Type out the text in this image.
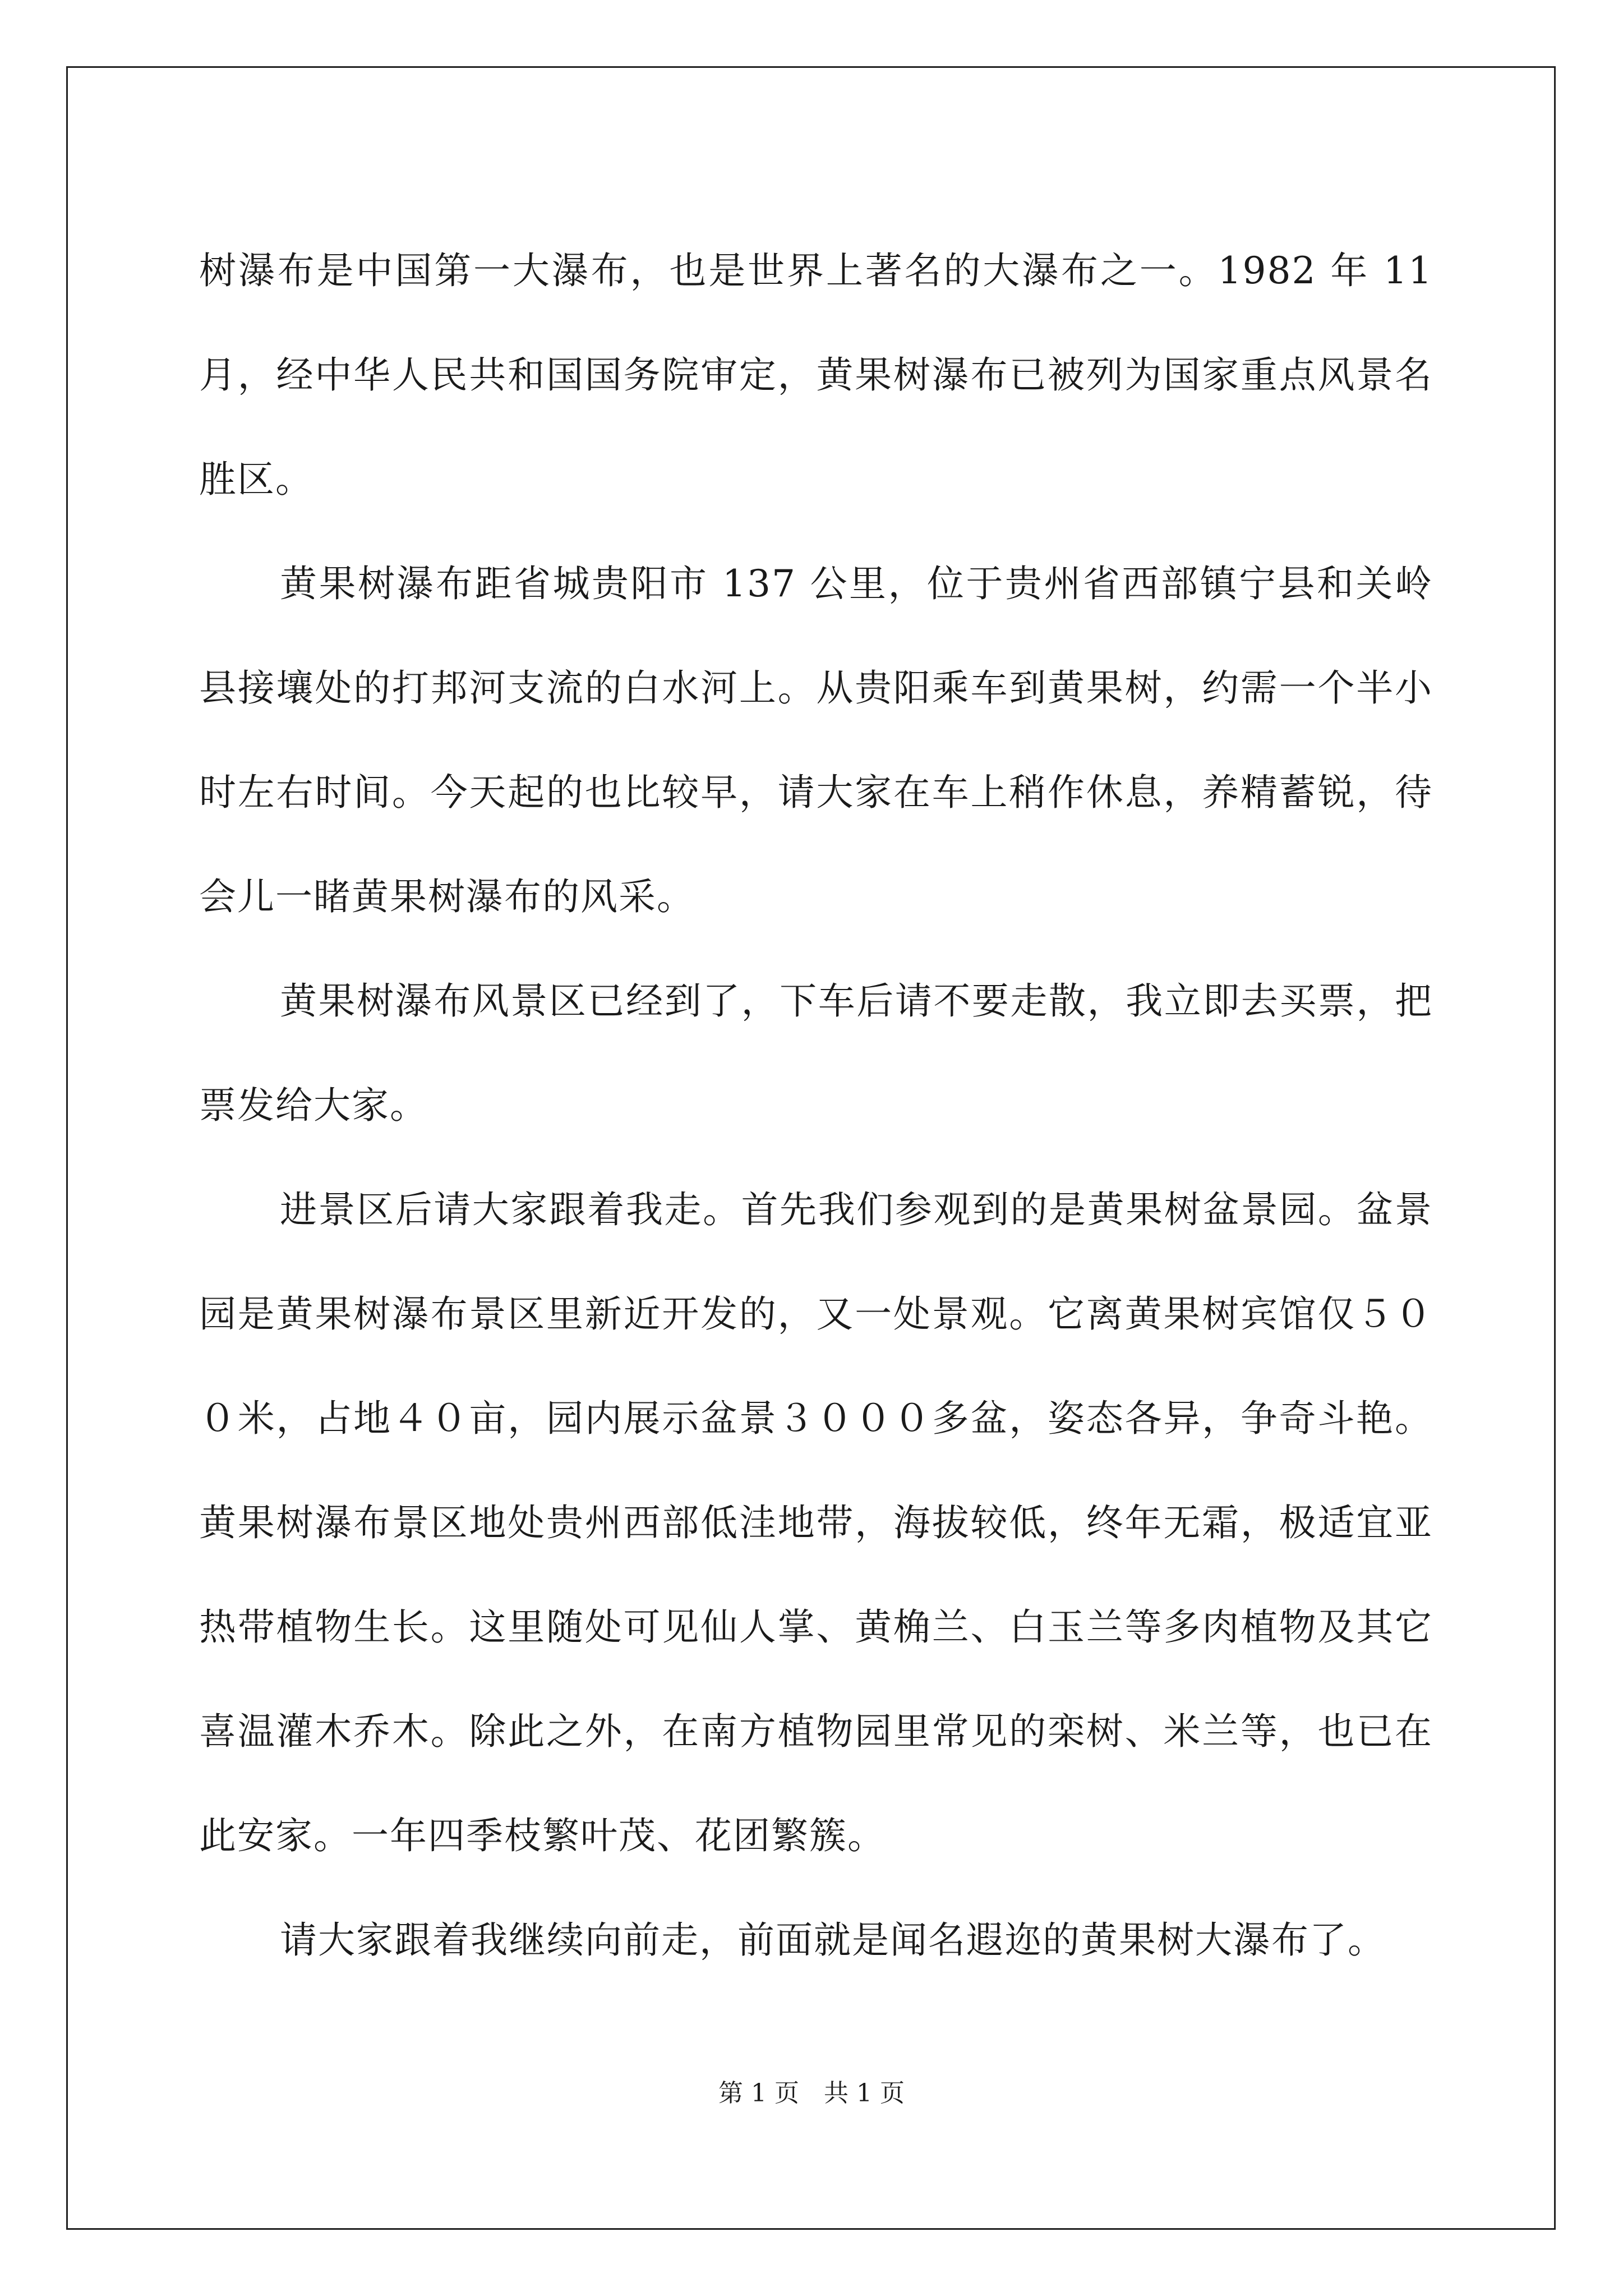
树瀑布是中国第一大瀑布，也是世界上著名的大瀑布之一。1982 年 11 月，经中华人民共和国国务院审定，黄果树瀑布已被列为国家重点风景名胜区。

黄果树瀑布距省城贵阳市 137 公里，位于贵州省西部镇宁县和关岭县接壤处的打邦河支流的白水河上。从贵阳乘车到黄果树，约需一个半小时左右时间。今天起的也比较早，请大家在车上稍作休息，养精蓄锐，待会儿一睹黄果树瀑布的风采。

黄果树瀑布风景区已经到了，下车后请不要走散，我立即去买票，把票发给大家。

进景区后请大家跟着我走。首先我们参观到的是黄果树盆景园。盆景园是黄果树瀑布景区里新近开发的，又一处景观。它离黄果树宾馆仅５００米，占地４０亩，园内展示盆景３０００多盆，姿态各异，争奇斗艳。黄果树瀑布景区地处贵州西部低洼地带，海拔较低，终年无霜，极适宜亚热带植物生长。这里随处可见仙人掌、黄桷兰、白玉兰等多肉植物及其它喜温灌木乔木。除此之外，在南方植物园里常见的栾树、米兰等，也已在此安家。一年四季枝繁叶茂、花团繁簇。

请大家跟着我继续向前走，前面就是闻名遐迩的黄果树大瀑布了。

第 1 页　共 1 页
